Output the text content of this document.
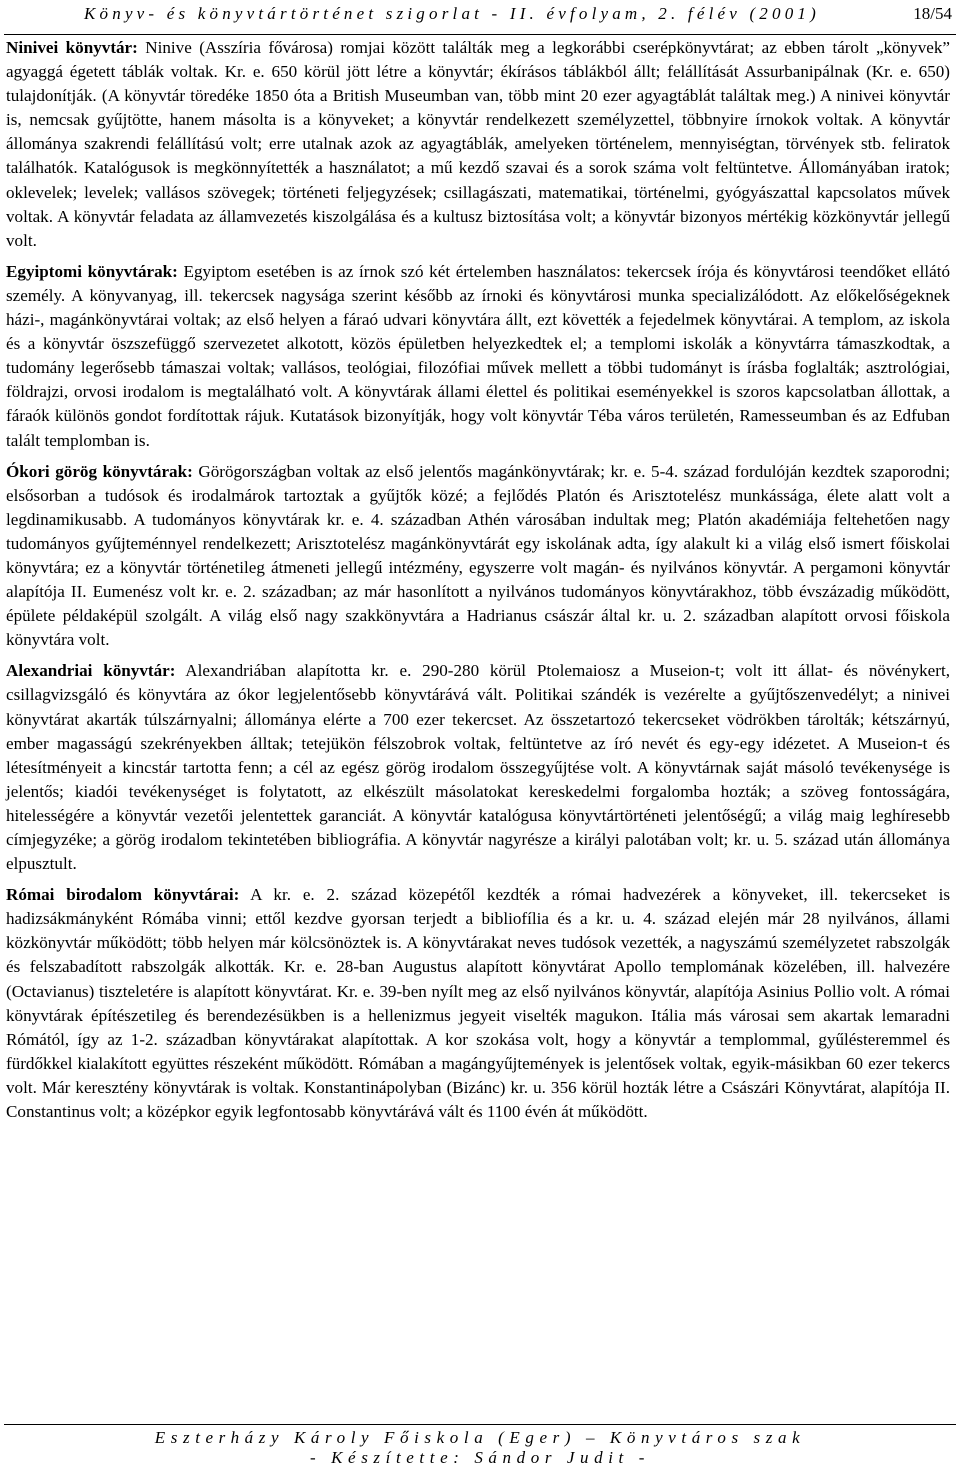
Könyv- és könyvtártörténet szigorlat - II. évfolyam, 2. félév (2001)	18/54

Ninivei könyvtár: Ninive (Asszíria fővárosa) romjai között találták meg a legkorábbi cserépkönyvtárat; az ebben tárolt „könyvek” agyaggá égetett táblák voltak. Kr. e. 650 körül jött létre a könyvtár; ékírásos táblákból állt; felállítását Assurbanipálnak (Kr. e. 650) tulajdonítják. (A könyvtár töredéke 1850 óta a British Museumban van, több mint 20 ezer agyagtáblát találtak meg.) A ninivei könyvtár is, nemcsak gyűjtötte, hanem másolta is a könyveket; a könyvtár rendelkezett személyzettel, többnyire írnokok voltak. A könyvtár állománya szakrendi felállítású volt; erre utalnak azok az agyagtáblák, amelyeken történelem, mennyiségtan, törvények stb. feliratok találhatók. Katalógusok is megkönnyítették a használatot; a mű kezdő szavai és a sorok száma volt feltüntetve. Állományában iratok; oklevelek; levelek; vallásos szövegek; történeti feljegyzések; csillagászati, matematikai, történelmi, gyógyászattal kapcsolatos művek voltak. A könyvtár feladata az államvezetés kiszolgálása és a kultusz biztosítása volt; a könyvtár bizonyos mértékig közkönyvtár jellegű volt.

Egyiptomi könyvtárak: Egyiptom esetében is az írnok szó két értelemben használatos: tekercsek írója és könyvtárosi teendőket ellátó személy. A könyvanyag, ill. tekercsek nagysága szerint később az írnoki és könyvtárosi munka specializálódott. Az előkelőségeknek házi-, magánkönyvtárai voltak; az első helyen a fáraó udvari könyvtára állt, ezt követték a fejedelmek könyvtárai. A templom, az iskola és a könyvtár öszszefüggő szervezetet alkotott, közös épületben helyezkedtek el; a templomi iskolák a könyvtárra támaszkodtak, a tudomány legerősebb támaszai voltak; vallásos, teológiai, filozófiai művek mellett a többi tudományt is írásba foglalták; asztrológiai, földrajzi, orvosi irodalom is megtalálható volt. A könyvtárak állami élettel és politikai eseményekkel is szoros kapcsolatban állottak, a fáraók különös gondot fordítottak rájuk. Kutatások bizonyítják, hogy volt könyvtár Téba város területén, Ramesseumban és az Edfuban talált templomban is.

Ókori görög könyvtárak: Görögországban voltak az első jelentős magánkönyvtárak; kr. e. 5-4. század fordulóján kezdtek szaporodni; elsősorban a tudósok és irodalmárok tartoztak a gyűjtők közé; a fejlődés Platón és Arisztotelész munkássága, élete alatt volt a legdinamikusabb. A tudományos könyvtárak kr. e. 4. században Athén városában indultak meg; Platón akadémiája feltehetően nagy tudományos gyűjteménnyel rendelkezett; Arisztotelész magánkönyvtárát egy iskolának adta, így alakult ki a világ első ismert főiskolai könyvtára; ez a könyvtár történetileg átmeneti jellegű intézmény, egyszerre volt magán- és nyilvános könyvtár. A pergamoni könyvtár alapítója II. Eumenész volt kr. e. 2. században; az már hasonlított a nyilvános tudományos könyvtárakhoz, több évszázadig működött, épülete példaképül szolgált. A világ első nagy szakkönyvtára a Hadrianus császár által kr. u. 2. században alapított orvosi főiskola könyvtára volt.

Alexandriai könyvtár: Alexandriában alapította kr. e. 290-280 körül Ptolemaiosz a Museion-t; volt itt állat- és növénykert, csillagvizsgáló és könyvtára az ókor legjelentősebb könyvtárává vált. Politikai szándék is vezérelte a gyűjtőszenvedélyt; a ninivei könyvtárat akarták túlszárnyalni; állománya elérte a 700 ezer tekercset. Az összetartozó tekercseket vödrökben tárolták; kétszárnyú, ember magasságú szekrényekben álltak; tetejükön félszobrok voltak, feltüntetve az író nevét és egy-egy idézetet. A Museion-t és létesítményeit a kincstár tartotta fenn; a cél az egész görög irodalom összegyűjtése volt. A könyvtárnak saját másoló tevékenysége is jelentős; kiadói tevékenységet is folytatott, az elkészült másolatokat kereskedelmi forgalomba hozták; a szöveg fontosságára, hitelességére a könyvtár vezetői jelentettek garanciát. A könyvtár katalógusa könyvtártörténeti jelentőségű; a világ maig leghíresebb címjegyzéke; a görög irodalom tekintetében bibliográfia. A könyvtár nagyrésze a királyi palotában volt; kr. u. 5. század után állománya elpusztult.

Római birodalom könyvtárai: A kr. e. 2. század közepétől kezdték a római hadvezérek a könyveket, ill. tekercseket is hadizsákmányként Rómába vinni; ettől kezdve gyorsan terjedt a bibliofília és a kr. u. 4. század elején már 28 nyilvános, állami közkönyvtár működött; több helyen már kölcsönöztek is. A könyvtárakat neves tudósok vezették, a nagyszámú személyzetet rabszolgák és felszabadított rabszolgák alkották. Kr. e. 28-ban Augustus alapított könyvtárat Apollo templomának közelében, ill. halvezére (Octavianus) tiszteletére is alapított könyvtárat. Kr. e. 39-ben nyílt meg az első nyilvános könyvtár, alapítója Asinius Pollio volt. A római könyvtárak építészetileg és berendezésükben is a hellenizmus jegyeit viselték magukon. Itália más városai sem akartak lemaradni Rómától, így az 1-2. században könyvtárakat alapítottak. A kor szokása volt, hogy a könyvtár a templommal, gyűlésteremmel és fürdőkkel kialakított együttes részeként működött. Rómában a magángyűjtemények is jelentősek voltak, egyik-másikban 60 ezer tekercs volt. Már keresztény könyvtárak is voltak. Konstantinápolyban (Bizánc) kr. u. 356 körül hozták létre a Császári Könyvtárat, alapítója II. Constantinus volt; a középkor egyik legfontosabb könyvtárává vált és 1100 évén át működött.

Eszterházy Károly Főiskola (Eger) – Könyvtáros szak
- Készítette: Sándor Judit -
